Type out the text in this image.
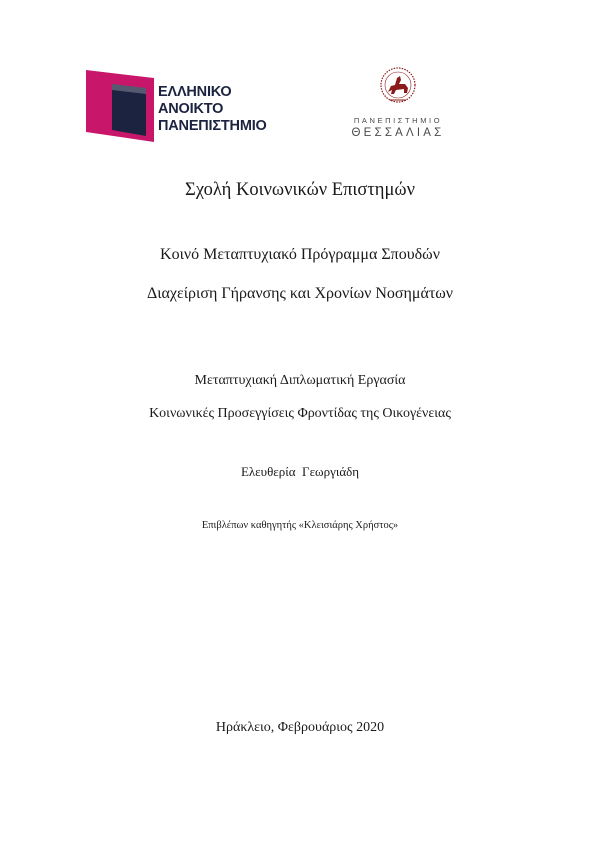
ΕΛΛΗΝΙΚΟ
ΑΝΟΙΚΤΟ
ΠΑΝΕΠΙΣΤΗΜΙΟ	ΠΑΝΕΠΙΣΤΗΜΙΟ
ΘΕΣΣΑΛΙΑΣ
Σχολή Κοινωνικών Επιστημών
Κοινό Μεταπτυχιακό Πρόγραμμα Σπουδών
Διαχείριση Γήρανσης και Χρονίων Νοσημάτων
Μεταπτυχιακή Διπλωματική Εργασία
Κοινωνικές Προσεγγίσεις Φροντίδας της Οικογένειας
Ελευθερία  Γεωργιάδη
Επιβλέπων καθηγητής «Κλεισιάρης Χρήστος»
Ηράκλειο, Φεβρουάριος 2020
